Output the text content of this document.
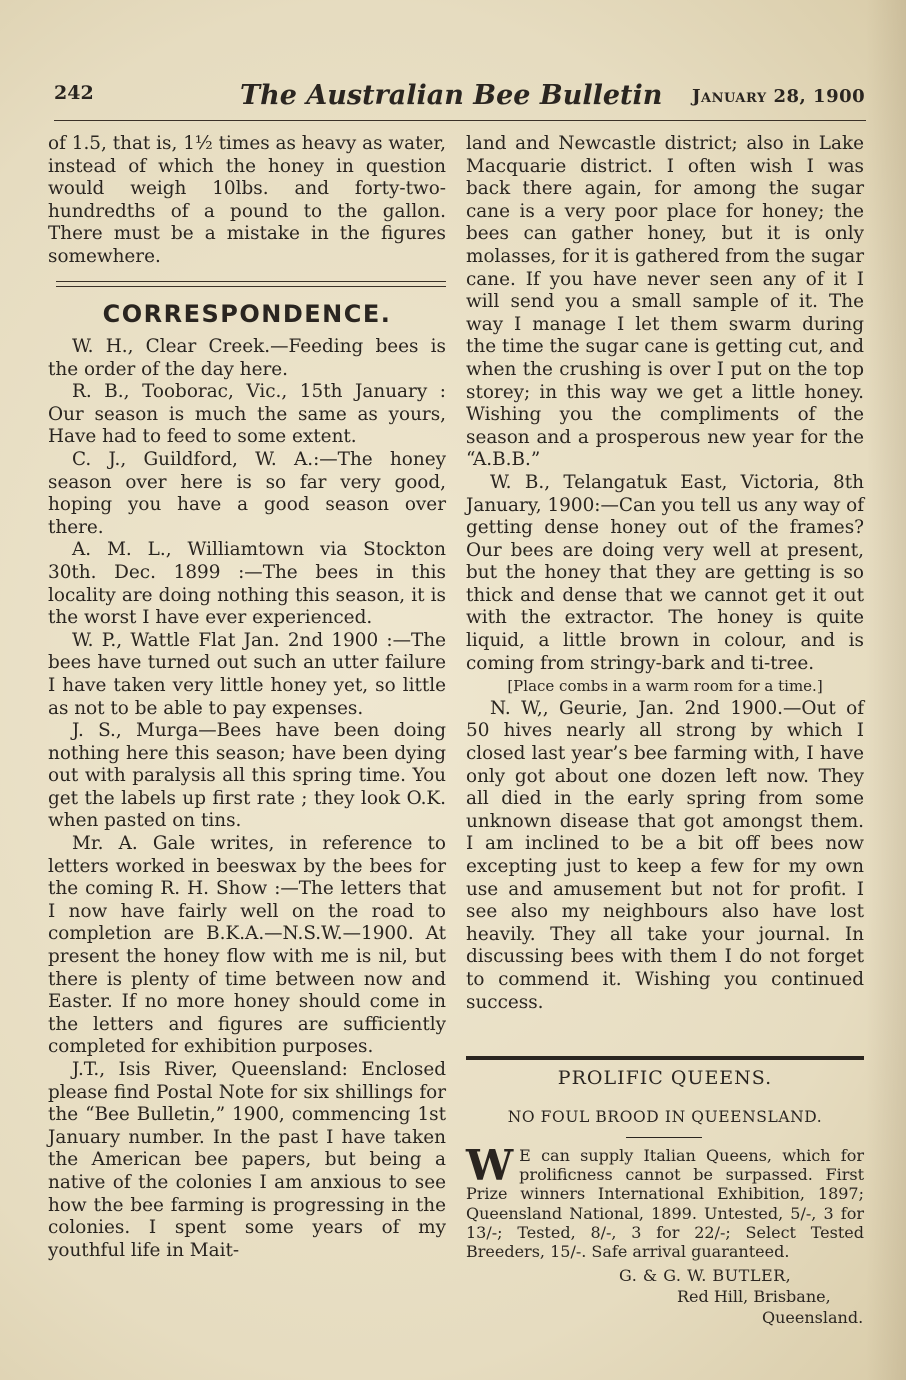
242	The Australian Bee Bulletin January 28, 1900

of 1.5, that is, 1½ times as heavy as water, instead of which the honey in question would weigh 10lbs. and forty-two-hundredths of a pound to the gallon. There must be a mistake in the figures somewhere.

CORRESPONDENCE.

W. H., Clear Creek.—Feeding bees is the order of the day here.

R. B., Tooborac, Vic., 15th January : Our season is much the same as yours, Have had to feed to some extent.

C. J., Guildford, W. A.:—The honey season over here is so far very good, hoping you have a good season over there.

A. M. L., Williamtown via Stockton 30th. Dec. 1899 :—The bees in this locality are doing nothing this season, it is the worst I have ever experienced.

W. P., Wattle Flat Jan. 2nd 1900 :—The bees have turned out such an utter failure I have taken very little honey yet, so little as not to be able to pay expenses.

J. S., Murga—Bees have been doing nothing here this season; have been dying out with paralysis all this spring time. You get the labels up first rate ; they look O.K. when pasted on tins.

Mr. A. Gale writes, in reference to letters worked in beeswax by the bees for the coming R. H. Show :—The letters that I now have fairly well on the road to completion are B.K.A.—N.S.W.—1900. At present the honey flow with me is nil, but there is plenty of time between now and Easter. If no more honey should come in the letters and figures are sufficiently completed for exhibition purposes.

J.T., Isis River, Queensland: Enclosed please find Postal Note for six shillings for the “Bee Bulletin,” 1900, commencing 1st January number. In the past I have taken the American bee papers, but being a native of the colonies I am anxious to see how the bee farming is progressing in the colonies. I spent some years of my youthful life in Mait-

land and Newcastle district; also in Lake Macquarie district. I often wish I was back there again, for among the sugar cane is a very poor place for honey; the bees can gather honey, but it is only molasses, for it is gathered from the sugar cane. If you have never seen any of it I will send you a small sample of it. The way I manage I let them swarm during the time the sugar cane is getting cut, and when the crushing is over I put on the top storey; in this way we get a little honey. Wishing you the compliments of the season and a prosperous new year for the “A.B.B.”

W. B., Telangatuk East, Victoria, 8th January, 1900:—Can you tell us any way of getting dense honey out of the frames? Our bees are doing very well at present, but the honey that they are getting is so thick and dense that we cannot get it out with the extractor. The honey is quite liquid, a little brown in colour, and is coming from stringy-bark and ti-tree.

[Place combs in a warm room for a time.]

N. W,, Geurie, Jan. 2nd 1900.—Out of 50 hives nearly all strong by which I closed last year’s bee farming with, I have only got about one dozen left now. They all died in the early spring from some unknown disease that got amongst them. I am inclined to be a bit off bees now excepting just to keep a few for my own use and amusement but not for profit. I see also my neighbours also have lost heavily. They all take your journal. In discussing bees with them I do not forget to commend it. Wishing you continued success.

PROLIFIC QUEENS.
NO FOUL BROOD IN QUEENSLAND.
W E can supply Italian Queens, which for prolificness cannot be surpassed. First Prize winners International Exhibition, 1897; Queensland National, 1899. Untested, 5/-, 3 for 13/-; Tested, 8/-, 3 for 22/-; Select Tested Breeders, 15/-. Safe arrival guaranteed.
G. & G. W. BUTLER,
Red Hill, Brisbane,
Queensland.
